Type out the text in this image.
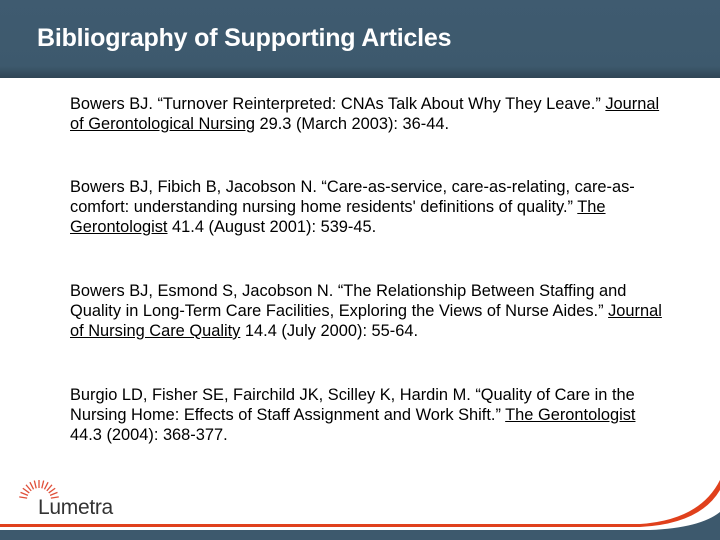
Bibliography of Supporting Articles
Bowers BJ. “Turnover Reinterpreted: CNAs Talk About Why They Leave.” Journal of Gerontological Nursing 29.3 (March 2003): 36-44.
Bowers BJ, Fibich B, Jacobson N. “Care-as-service, care-as-relating, care-as-comfort: understanding nursing home residents' definitions of quality.” The Gerontologist 41.4 (August 2001): 539-45.
Bowers BJ, Esmond S, Jacobson N. “The Relationship Between Staffing and Quality in Long-Term Care Facilities, Exploring the Views of Nurse Aides.” Journal of Nursing Care Quality 14.4 (July 2000): 55-64.
Burgio LD, Fisher SE, Fairchild JK, Scilley K, Hardin M. “Quality of Care in the Nursing Home: Effects of Staff Assignment and Work Shift.” The Gerontologist 44.3 (2004): 368-377.
Lumetra
